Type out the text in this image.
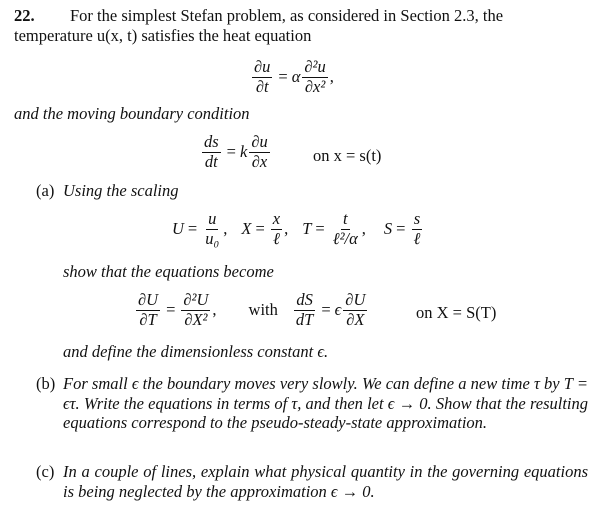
22. For the simplest Stefan problem, as considered in Section 2.3, the
temperature u(x, t) satisfies the heat equation
$\frac{\partial u}{\partial t} = \alpha \frac{\text{∂²u}}{\text{∂x²}}$ ,
and the moving boundary condition
$\frac{ds}{dt} = k \frac{\partial u}{\partial x}$	on x = s(t)
(a) Using the scaling
$U = \frac{u}{\text{u₀}}$ , $X = \frac{x}{\text{ℓ}}$ , $T = \frac{t}{\text{ℓ²/α}}$ , $S = \frac{s}{\text{ℓ}}$
show that the equations become
$\frac{\partial U}{\partial T} = \frac{\text{∂²U}}{\text{∂X²}}$ , with $\frac{dS}{dT} = \epsilon \frac{\partial U}{\partial X}$	on X = S(T)
and define the dimensionless constant ϵ.
(b) For small ϵ the boundary moves very slowly. We can define a new time τ by T = ϵτ. Write the equations in terms of τ, and then let ϵ → 0. Show that the resulting equations correspond to the pseudo-steady-state approximation.
(c) In a couple of lines, explain what physical quantity in the governing equations is being neglected by the approximation ϵ → 0.
